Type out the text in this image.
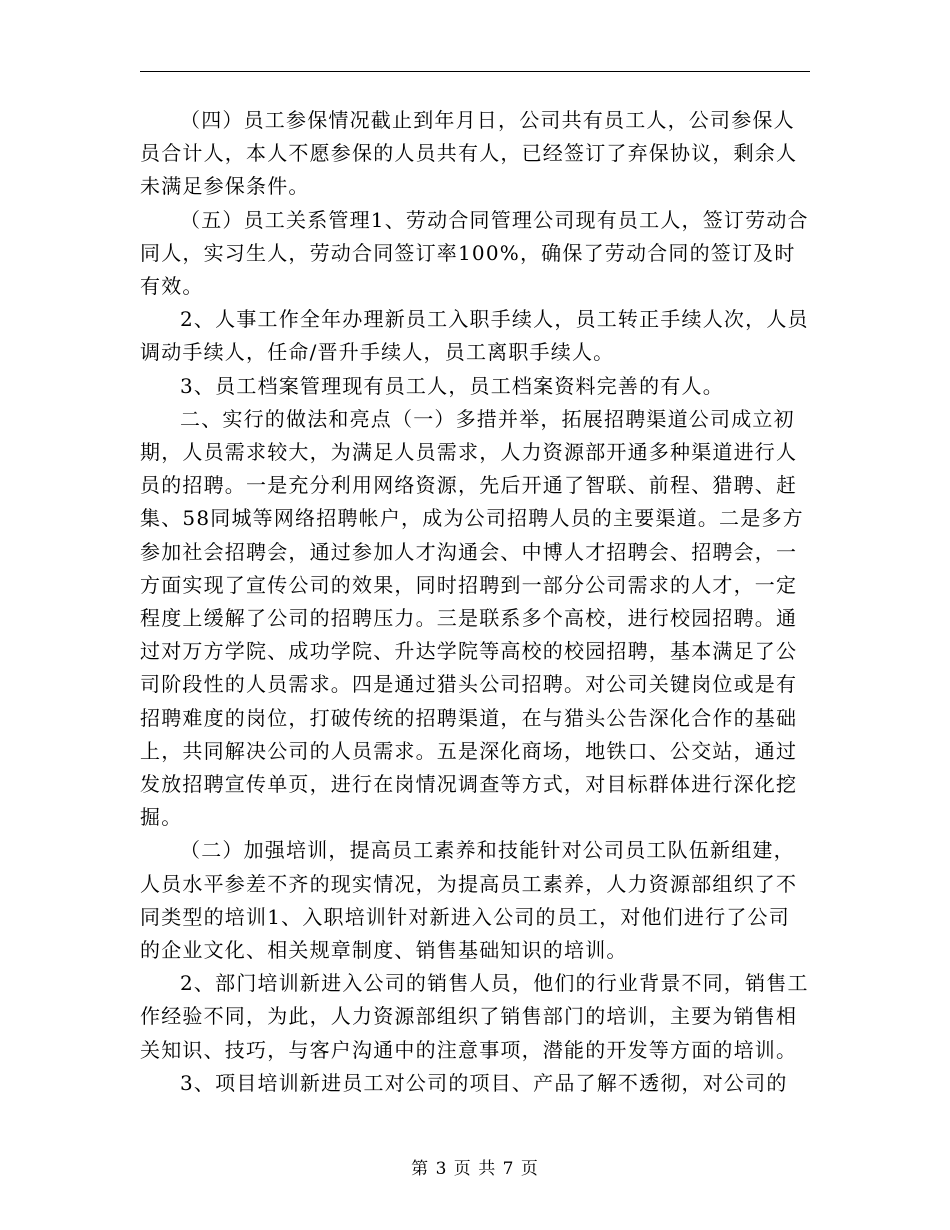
（四）员工参保情况截止到年月日，公司共有员工人，公司参保人员合计人，本人不愿参保的人员共有人，已经签订了弃保协议，剩余人未满足参保条件。

（五）员工关系管理1、劳动合同管理公司现有员工人，签订劳动合同人，实习生人，劳动合同签订率100%，确保了劳动合同的签订及时有效。

2、人事工作全年办理新员工入职手续人，员工转正手续人次，人员调动手续人，任命/晋升手续人，员工离职手续人。

3、员工档案管理现有员工人，员工档案资料完善的有人。

二、实行的做法和亮点（一）多措并举，拓展招聘渠道公司成立初期，人员需求较大，为满足人员需求，人力资源部开通多种渠道进行人员的招聘。一是充分利用网络资源，先后开通了智联、前程、猎聘、赶集、58同城等网络招聘帐户，成为公司招聘人员的主要渠道。二是多方参加社会招聘会，通过参加人才沟通会、中博人才招聘会、招聘会，一方面实现了宣传公司的效果，同时招聘到一部分公司需求的人才，一定程度上缓解了公司的招聘压力。三是联系多个高校，进行校园招聘。通过对万方学院、成功学院、升达学院等高校的校园招聘，基本满足了公司阶段性的人员需求。四是通过猎头公司招聘。对公司关键岗位或是有招聘难度的岗位，打破传统的招聘渠道，在与猎头公告深化合作的基础上，共同解决公司的人员需求。五是深化商场，地铁口、公交站，通过发放招聘宣传单页，进行在岗情况调查等方式，对目标群体进行深化挖掘。

（二）加强培训，提高员工素养和技能针对公司员工队伍新组建，人员水平参差不齐的现实情况，为提高员工素养，人力资源部组织了不同类型的培训1、入职培训针对新进入公司的员工，对他们进行了公司的企业文化、相关规章制度、销售基础知识的培训。

2、部门培训新进入公司的销售人员，他们的行业背景不同，销售工作经验不同，为此，人力资源部组织了销售部门的培训，主要为销售相关知识、技巧，与客户沟通中的注意事项，潜能的开发等方面的培训。

3、项目培训新进员工对公司的项目、产品了解不透彻，对公司的

第 3 页 共 7 页
